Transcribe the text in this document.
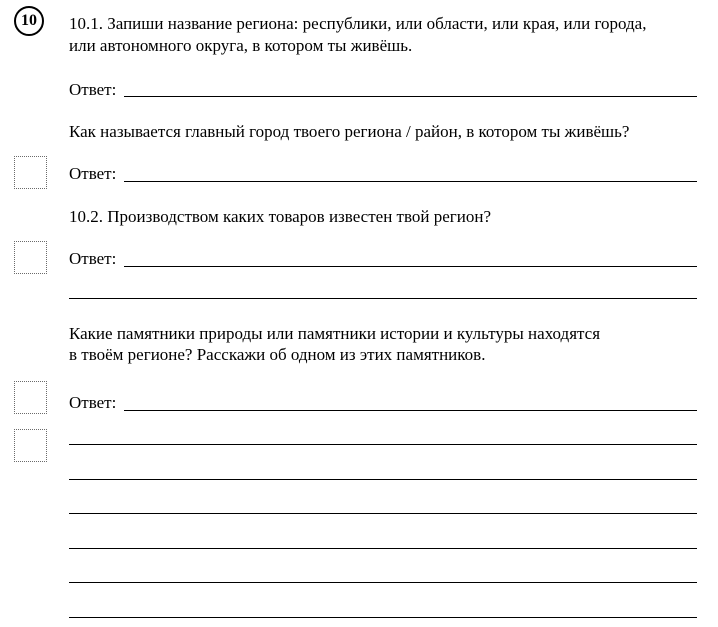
10	10.1. Запиши название региона: республики, или области, или края, или города,
или автономного округа, в котором ты живёшь.
Ответ:
Как называется главный город твоего региона / район, в котором ты живёшь?
Ответ:
10.2. Производством каких товаров известен твой регион?
Ответ:
Какие памятники природы или памятники истории и культуры находятся
в твоём регионе? Расскажи об одном из этих памятников.
Ответ:
